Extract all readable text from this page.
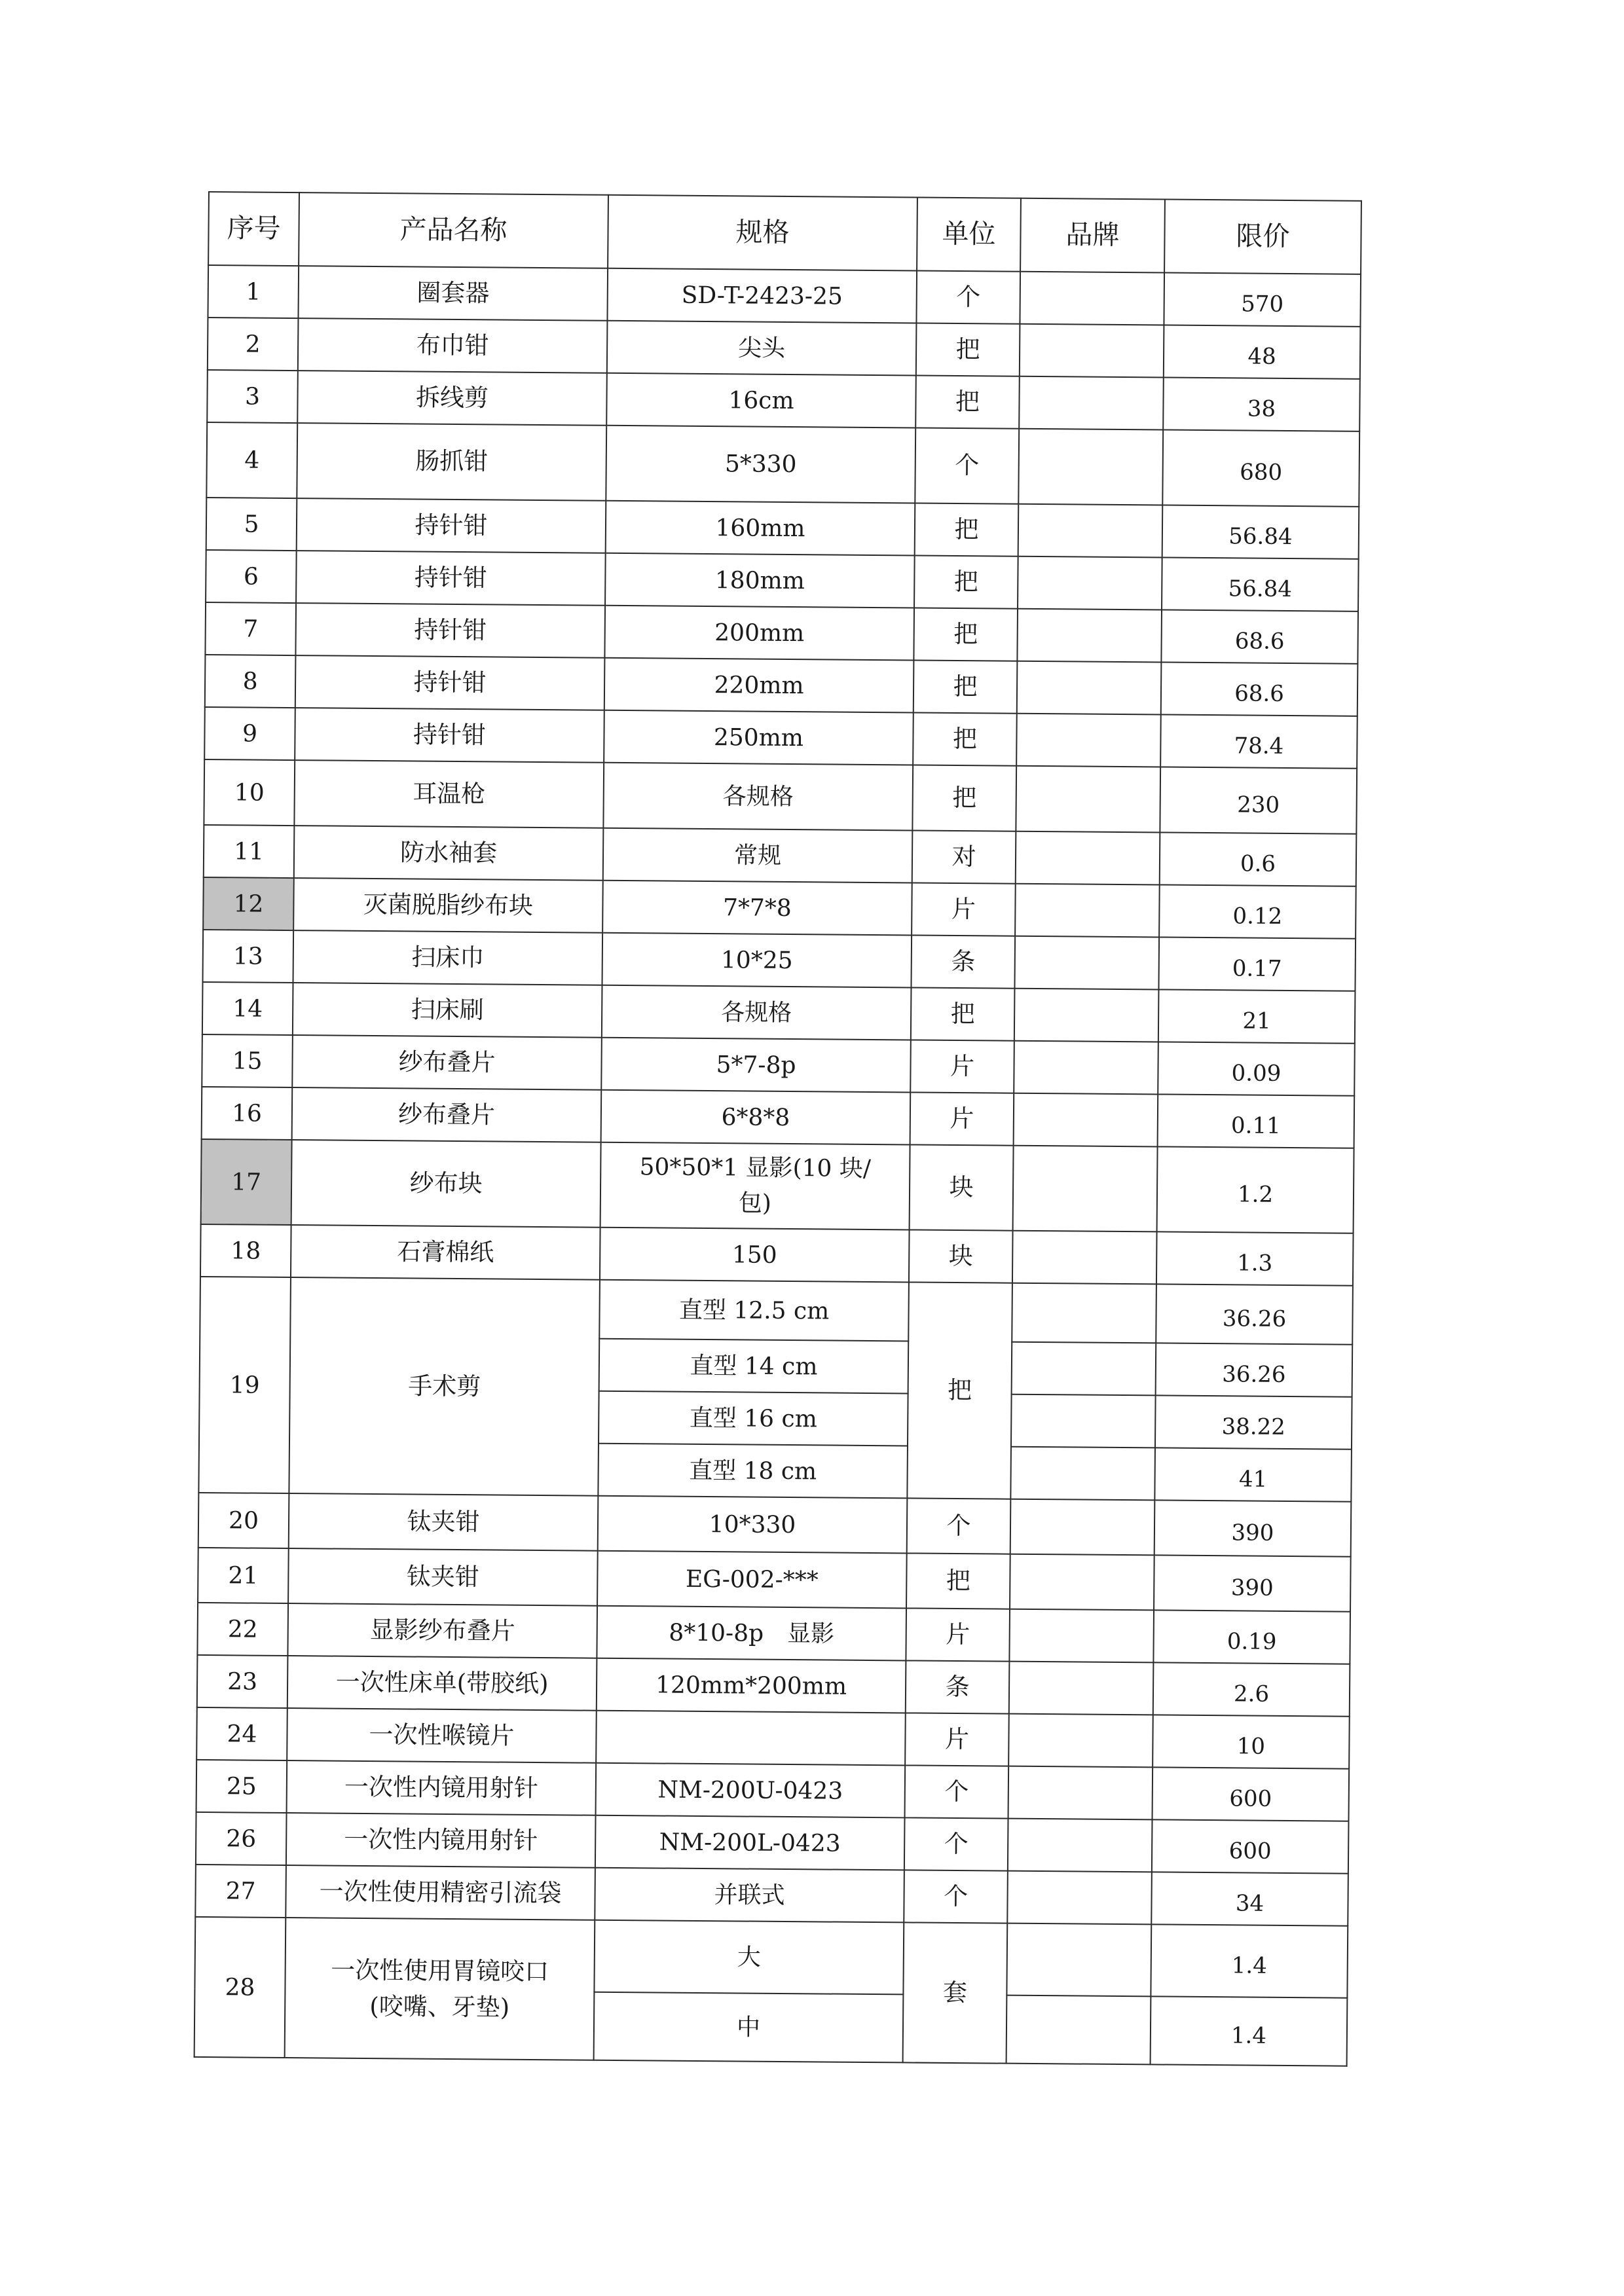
序号	产品名称	规格	单位	品牌	限价
1	圈套器	SD-T-2423-25	个		570
2	布巾钳	尖头	把		48
3	拆线剪	16cm	把		38
4	肠抓钳	5*330	个		680
5	持针钳	160mm	把		56.84
6	持针钳	180mm	把		56.84
7	持针钳	200mm	把		68.6
8	持针钳	220mm	把		68.6
9	持针钳	250mm	把		78.4
10	耳温枪	各规格	把		230
11	防水袖套	常规	对		0.6
12	灭菌脱脂纱布块	7*7*8	片		0.12
13	扫床巾	10*25	条		0.17
14	扫床刷	各规格	把		21
15	纱布叠片	5*7-8p	片		0.09
16	纱布叠片	6*8*8	片		0.11
17	纱布块	50*50*1 显影(10 块/
包)	块		1.2
18	石膏棉纸	150	块		1.3
19	手术剪	直型 12.5 cm	把		36.26
		直型 14 cm			36.26
		直型 16 cm			38.22
		直型 18 cm			41
20	钛夹钳	10*330	个		390
21	钛夹钳	EG-002-***	把		390
22	显影纱布叠片	8*10-8p　显影	片		0.19
23	一次性床单(带胶纸)	120mm*200mm	条		2.6
24	一次性喉镜片		片		10
25	一次性内镜用射针	NM-200U-0423	个		600
26	一次性内镜用射针	NM-200L-0423	个		600
27	一次性使用精密引流袋	并联式	个		34
28	一次性使用胃镜咬口
(咬嘴、牙垫)	大	套		1.4
		中			1.4
